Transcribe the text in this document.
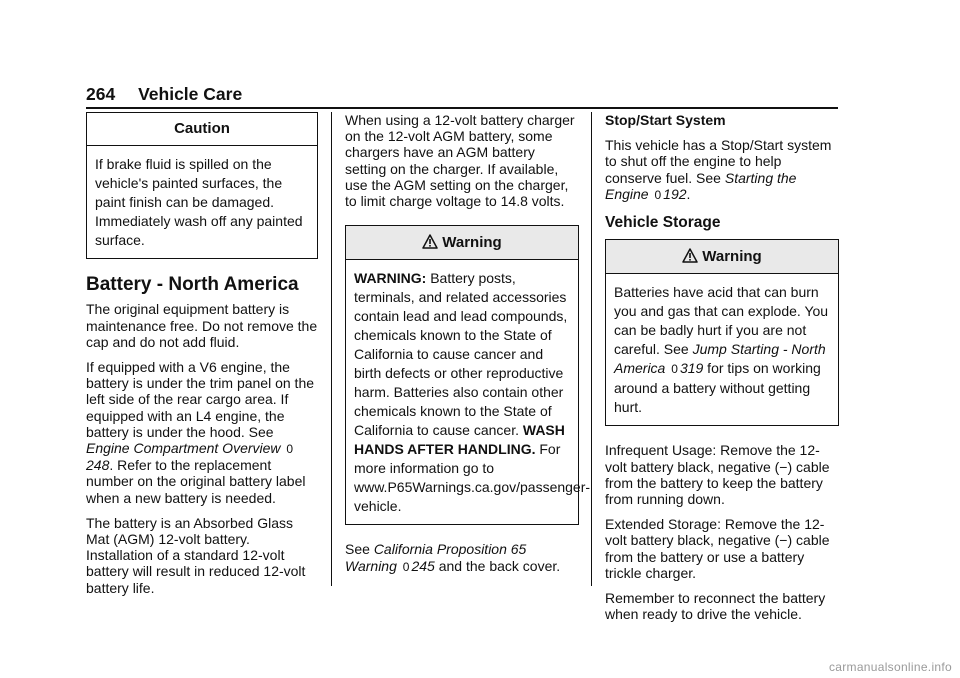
264 Vehicle Care
Caution
If brake fluid is spilled on the vehicle's painted surfaces, the paint finish can be damaged. Immediately wash off any painted surface.
Battery - North America

The original equipment battery is maintenance free. Do not remove the cap and do not add fluid.

If equipped with a V6 engine, the battery is under the trim panel on the left side of the rear cargo area. If equipped with an L4 engine, the battery is under the hood. See Engine Compartment Overview 0248. Refer to the replacement number on the original battery label when a new battery is needed.

The battery is an Absorbed Glass Mat (AGM) 12-volt battery. Installation of a standard 12-volt battery will result in reduced 12-volt battery life.

When using a 12-volt battery charger on the 12-volt AGM battery, some chargers have an AGM battery setting on the charger. If available, use the AGM setting on the charger, to limit charge voltage to 14.8 volts.

Warning
WARNING: Battery posts, terminals, and related accessories contain lead and lead compounds, chemicals known to the State of California to cause cancer and birth defects or other reproductive harm. Batteries also contain other chemicals known to the State of California to cause cancer. WASH HANDS AFTER HANDLING. For more information go to www.P65Warnings.ca.gov/passenger-vehicle.

See California Proposition 65 Warning 0 245 and the back cover.

Stop/Start System

This vehicle has a Stop/Start system to shut off the engine to help conserve fuel. See Starting the Engine 0 192.

Vehicle Storage
Warning
Batteries have acid that can burn you and gas that can explode. You can be badly hurt if you are not careful. See Jump Starting - North America 0 319 for tips on working around a battery without getting hurt.

Infrequent Usage: Remove the 12-volt battery black, negative (−) cable from the battery to keep the battery from running down.

Extended Storage: Remove the 12-volt battery black, negative (−) cable from the battery or use a battery trickle charger.

Remember to reconnect the battery when ready to drive the vehicle.

carmanualsonline.info
